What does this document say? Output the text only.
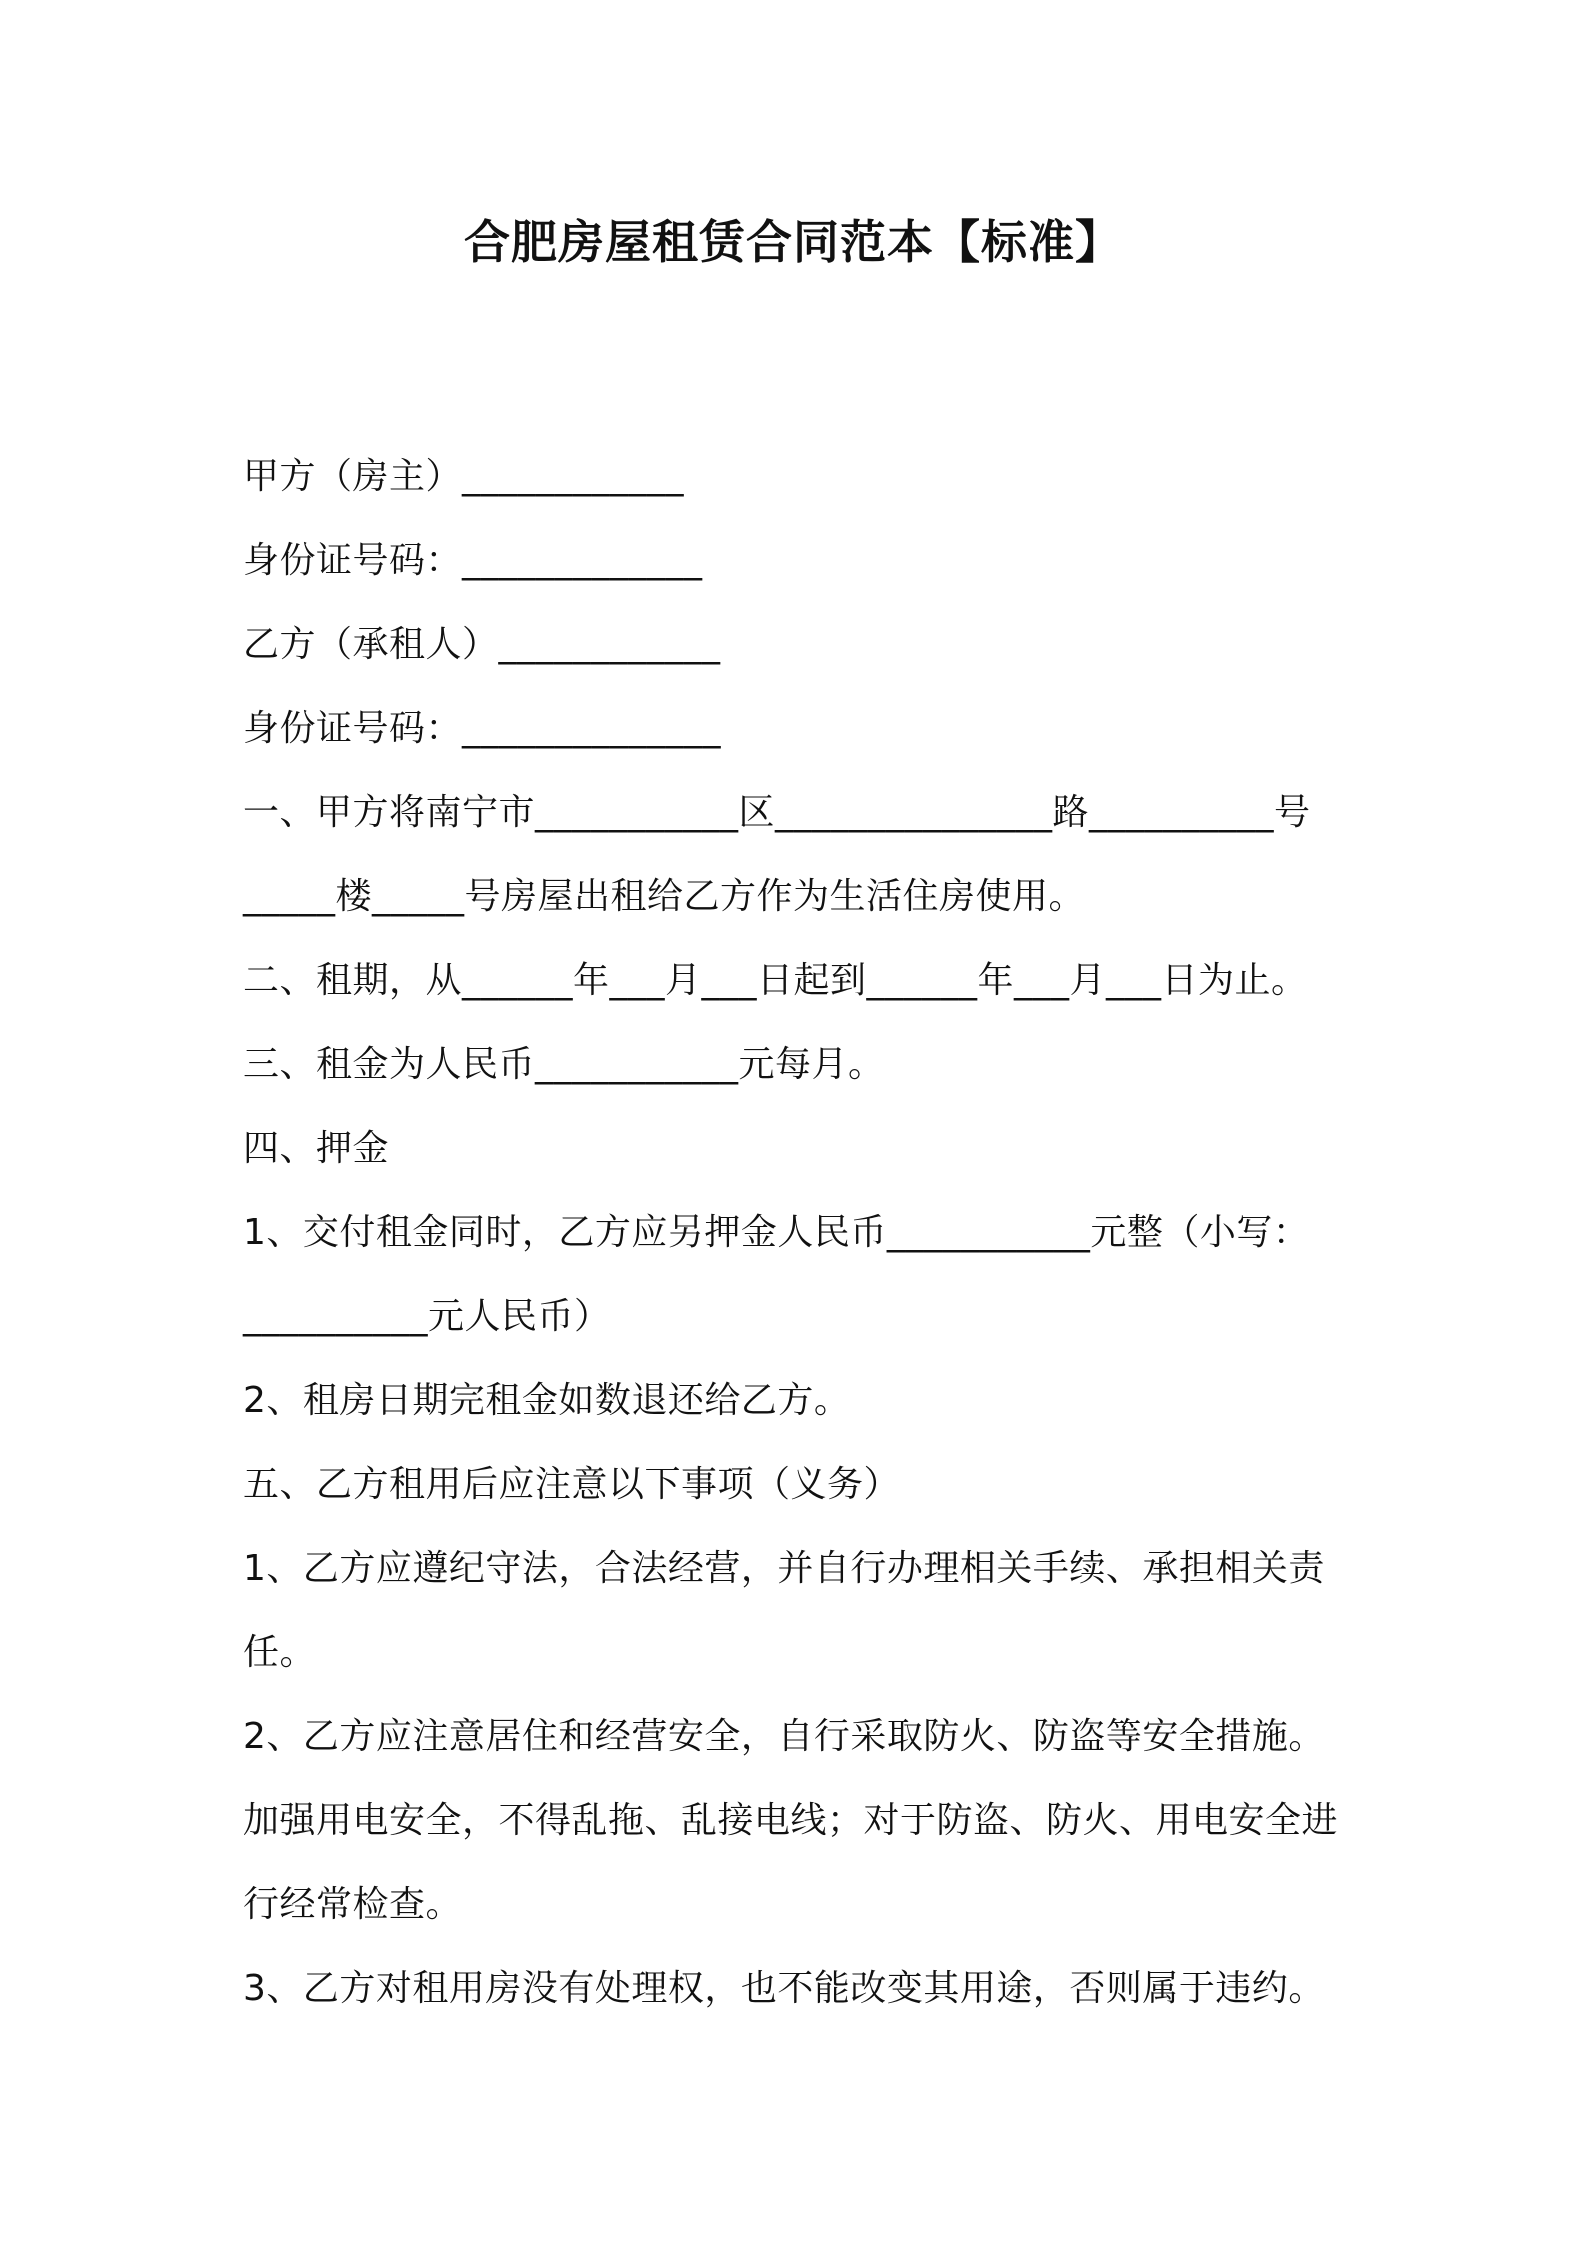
合肥房屋租赁合同范本【标准】
甲方（房主）____________
身份证号码：_____________
乙方（承租人）____________
身份证号码：______________
一、甲方将南宁市___________区_______________路__________号
_____楼_____号房屋出租给乙方作为生活住房使用。
二、租期，从______年___月___日起到______年___月___日为止。
三、租金为人民币___________元每月。
四、押金
1、交付租金同时，乙方应另押金人民币___________元整（小写：
__________元人民币）
2、租房日期完租金如数退还给乙方。
五、乙方租用后应注意以下事项（义务）
1、乙方应遵纪守法，合法经营，并自行办理相关手续、承担相关责
任。
2、乙方应注意居住和经营安全，自行采取防火、防盗等安全措施。
加强用电安全，不得乱拖、乱接电线；对于防盗、防火、用电安全进
行经常检查。
3、乙方对租用房没有处理权，也不能改变其用途，否则属于违约。
